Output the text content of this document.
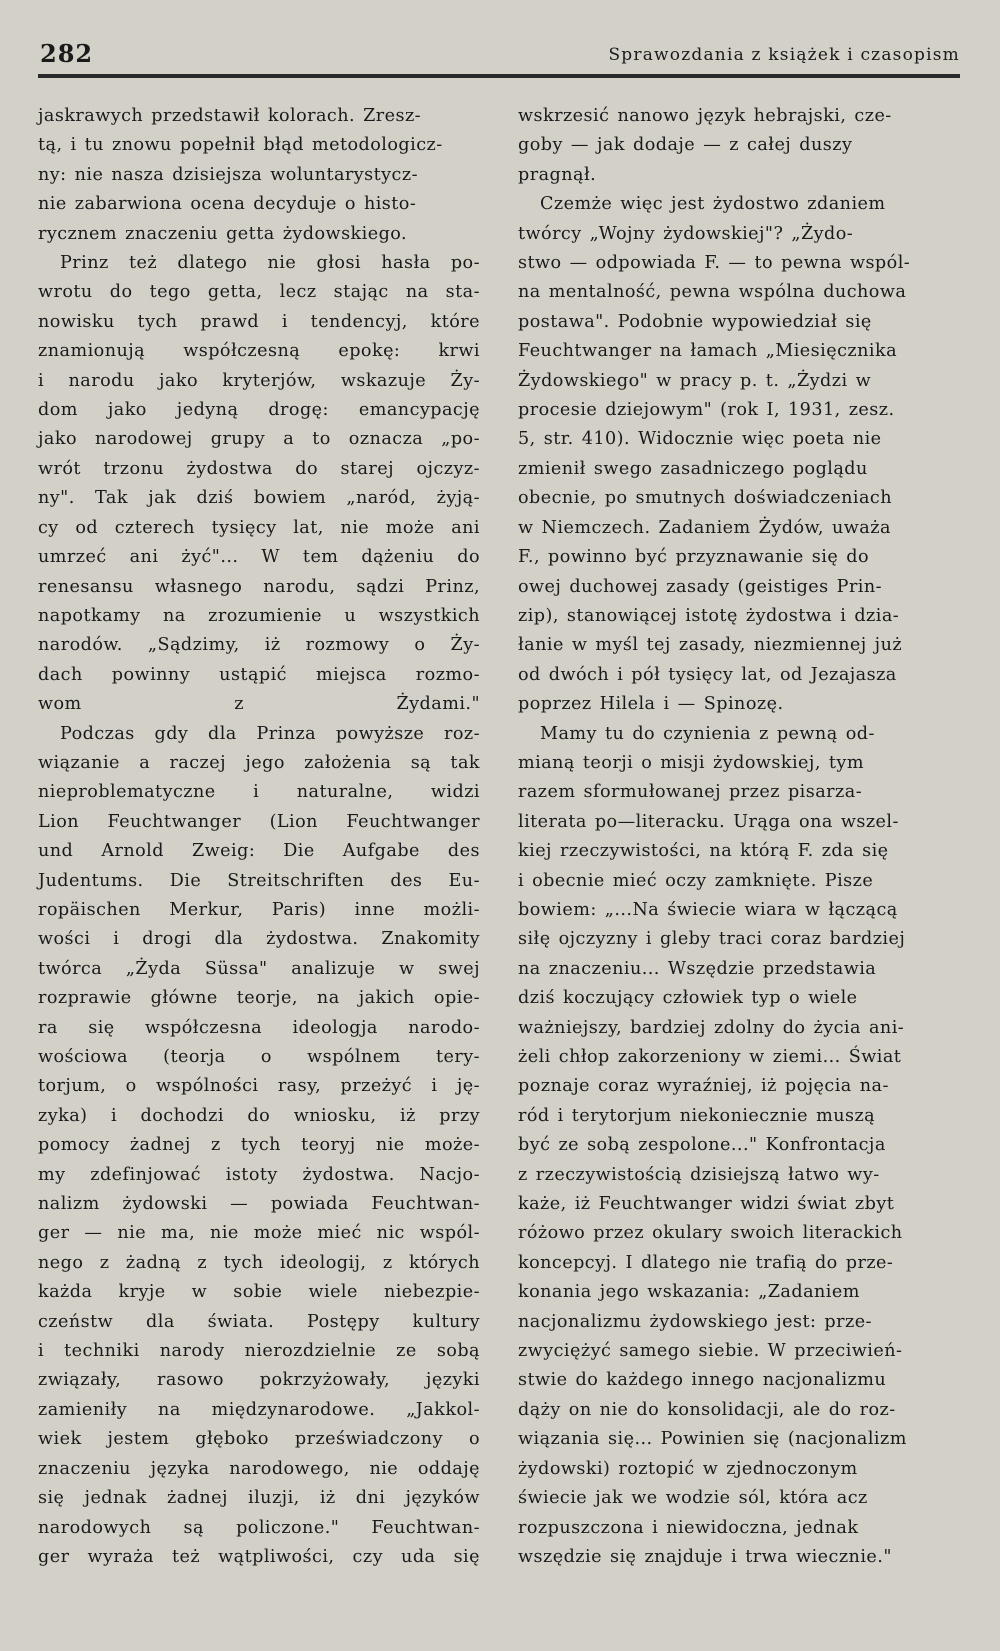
282	Sprawozdania z książek i czasopism

jaskrawych przedstawił kolorach. Zresz-
tą, i tu znowu popełnił błąd metodologicz-
ny: nie nasza dzisiejsza woluntarystycz-
nie zabarwiona ocena decyduje o histo-
rycznem znaczeniu getta żydowskiego.

Prinz też dlatego nie głosi hasła po-
wrotu do tego getta, lecz stając na sta-
nowisku tych prawd i tendencyj, które
znamionują współczesną epokę: krwi
i narodu jako kryterjów, wskazuje Ży-
dom jako jedyną drogę: emancypację
jako narodowej grupy a to oznacza „po-
wrót trzonu żydostwa do starej ojczyz-
ny". Tak jak dziś bowiem „naród, żyją-
cy od czterech tysięcy lat, nie może ani
umrzeć ani żyć"... W tem dążeniu do
renesansu własnego narodu, sądzi Prinz,
napotkamy na zrozumienie u wszystkich
narodów. „Sądzimy, iż rozmowy o Ży-
dach powinny ustąpić miejsca rozmo-
wom z Żydami."

Podczas gdy dla Prinza powyższe roz-
wiązanie a raczej jego założenia są tak
nieproblematyczne i naturalne, widzi
Lion Feuchtwanger (Lion Feuchtwanger
und Arnold Zweig: Die Aufgabe des
Judentums. Die Streitschriften des Eu-
ropäischen Merkur, Paris) inne możli-
wości i drogi dla żydostwa. Znakomity
twórca „Żyda Süssa" analizuje w swej
rozprawie główne teorje, na jakich opie-
ra się współczesna ideologja narodo-
wościowa (teorja o wspólnem tery-
torjum, o wspólności rasy, przeżyć i ję-
zyka) i dochodzi do wniosku, iż przy
pomocy żadnej z tych teoryj nie może-
my zdefinjować istoty żydostwa. Nacjo-
nalizm żydowski — powiada Feuchtwan-
ger — nie ma, nie może mieć nic wspól-
nego z żadną z tych ideologij, z których
każda kryje w sobie wiele niebezpie-
czeństw dla świata. Postępy kultury
i techniki narody nierozdzielnie ze sobą
związały, rasowo pokrzyżowały, języki
zamieniły na międzynarodowe. „Jakkol-
wiek jestem głęboko przeświadczony o
znaczeniu języka narodowego, nie oddaję
się jednak żadnej iluzji, iż dni języków
narodowych są policzone." Feuchtwan-
ger wyraża też wątpliwości, czy uda się

wskrzesić nanowo język hebrajski, cze-
goby — jak dodaje — z całej duszy
pragnął.

Czemże więc jest żydostwo zdaniem
twórcy „Wojny żydowskiej"? „Żydo-
stwo — odpowiada F. — to pewna wspól-
na mentalność, pewna wspólna duchowa
postawa". Podobnie wypowiedział się
Feuchtwanger na łamach „Miesięcznika
Żydowskiego" w pracy p. t. „Żydzi w
procesie dziejowym" (rok I, 1931, zesz.
5, str. 410). Widocznie więc poeta nie
zmienił swego zasadniczego poglądu
obecnie, po smutnych doświadczeniach
w Niemczech. Zadaniem Żydów, uważa
F., powinno być przyznawanie się do
owej duchowej zasady (geistiges Prin-
zip), stanowiącej istotę żydostwa i dzia-
łanie w myśl tej zasady, niezmiennej już
od dwóch i pół tysięcy lat, od Jezajasza
poprzez Hilela i — Spinozę.

Mamy tu do czynienia z pewną od-
mianą teorji o misji żydowskiej, tym
razem sformułowanej przez pisarza-
literata po—literacku. Urąga ona wszel-
kiej rzeczywistości, na którą F. zda się
i obecnie mieć oczy zamknięte. Pisze
bowiem: „...Na świecie wiara w łączącą
siłę ojczyzny i gleby traci coraz bardziej
na znaczeniu... Wszędzie przedstawia
dziś koczujący człowiek typ o wiele
ważniejszy, bardziej zdolny do życia ani-
żeli chłop zakorzeniony w ziemi... Świat
poznaje coraz wyraźniej, iż pojęcia na-
ród i terytorjum niekoniecznie muszą
być ze sobą zespolone..." Konfrontacja
z rzeczywistością dzisiejszą łatwo wy-
każe, iż Feuchtwanger widzi świat zbyt
różowo przez okulary swoich literackich
koncepcyj. I dlatego nie trafią do prze-
konania jego wskazania: „Zadaniem
nacjonalizmu żydowskiego jest: prze-
zwyciężyć samego siebie. W przeciwień-
stwie do każdego innego nacjonalizmu
dąży on nie do konsolidacji, ale do roz-
wiązania się... Powinien się (nacjonalizm
żydowski) roztopić w zjednoczonym
świecie jak we wodzie sól, która acz
rozpuszczona i niewidoczna, jednak
wszędzie się znajduje i trwa wiecznie."
